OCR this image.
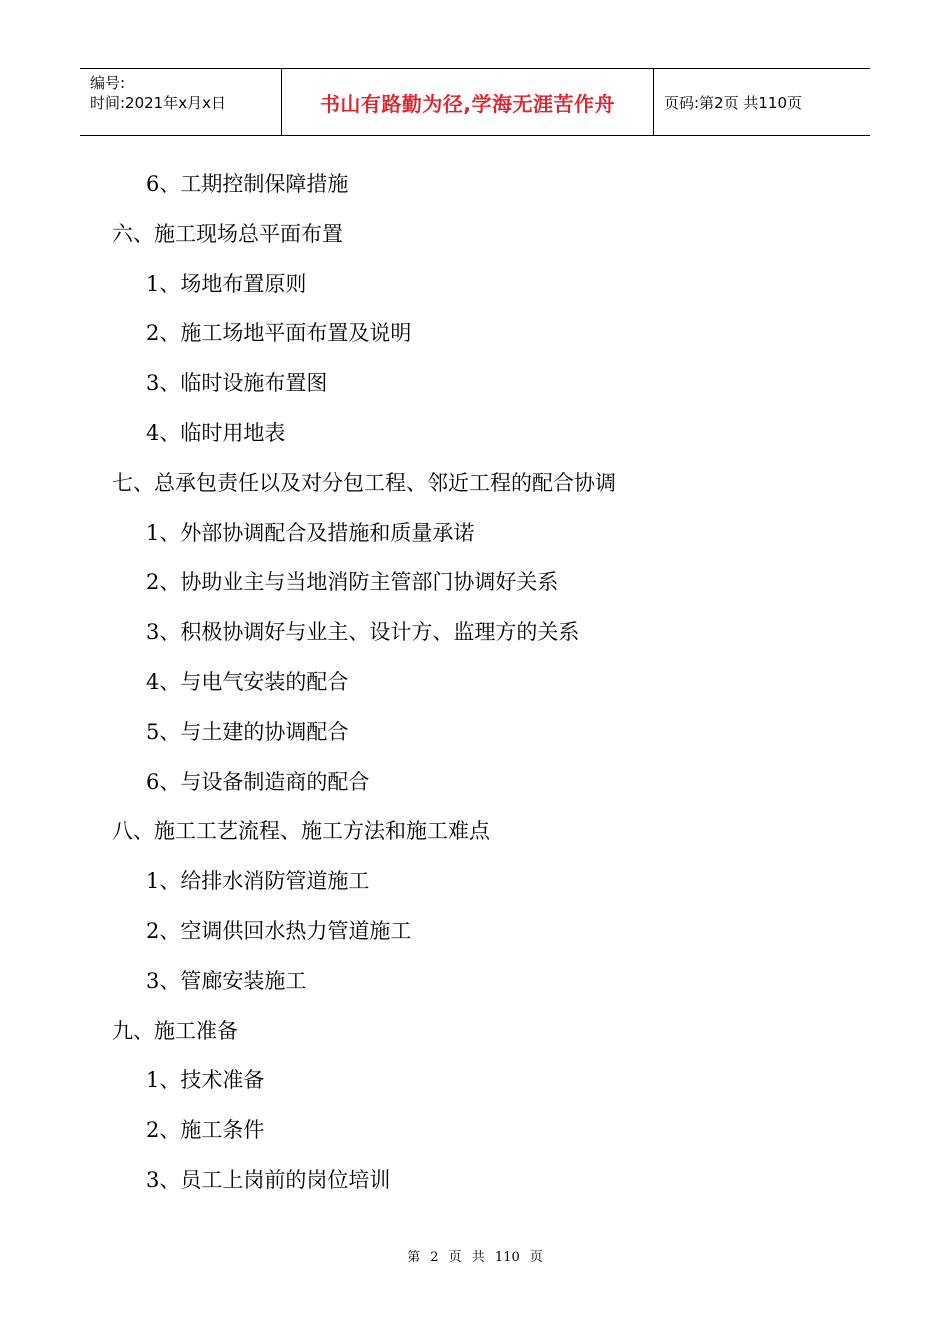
编号:
时间:2021年x月x日	书山有路勤为径,学海无涯苦作舟	页码:第2页 共110页
6、工期控制保障措施
六、施工现场总平面布置
1、场地布置原则
2、施工场地平面布置及说明
3、临时设施布置图
4、临时用地表
七、总承包责任以及对分包工程、邻近工程的配合协调
1、外部协调配合及措施和质量承诺
2、协助业主与当地消防主管部门协调好关系
3、积极协调好与业主、设计方、监理方的关系
4、与电气安装的配合
5、与土建的协调配合
6、与设备制造商的配合
八、施工工艺流程、施工方法和施工难点
1、给排水消防管道施工
2、空调供回水热力管道施工
3、管廊安装施工
九、施工准备
1、技术准备
2、施工条件
3、员工上岗前的岗位培训
第 2 页 共 110 页
